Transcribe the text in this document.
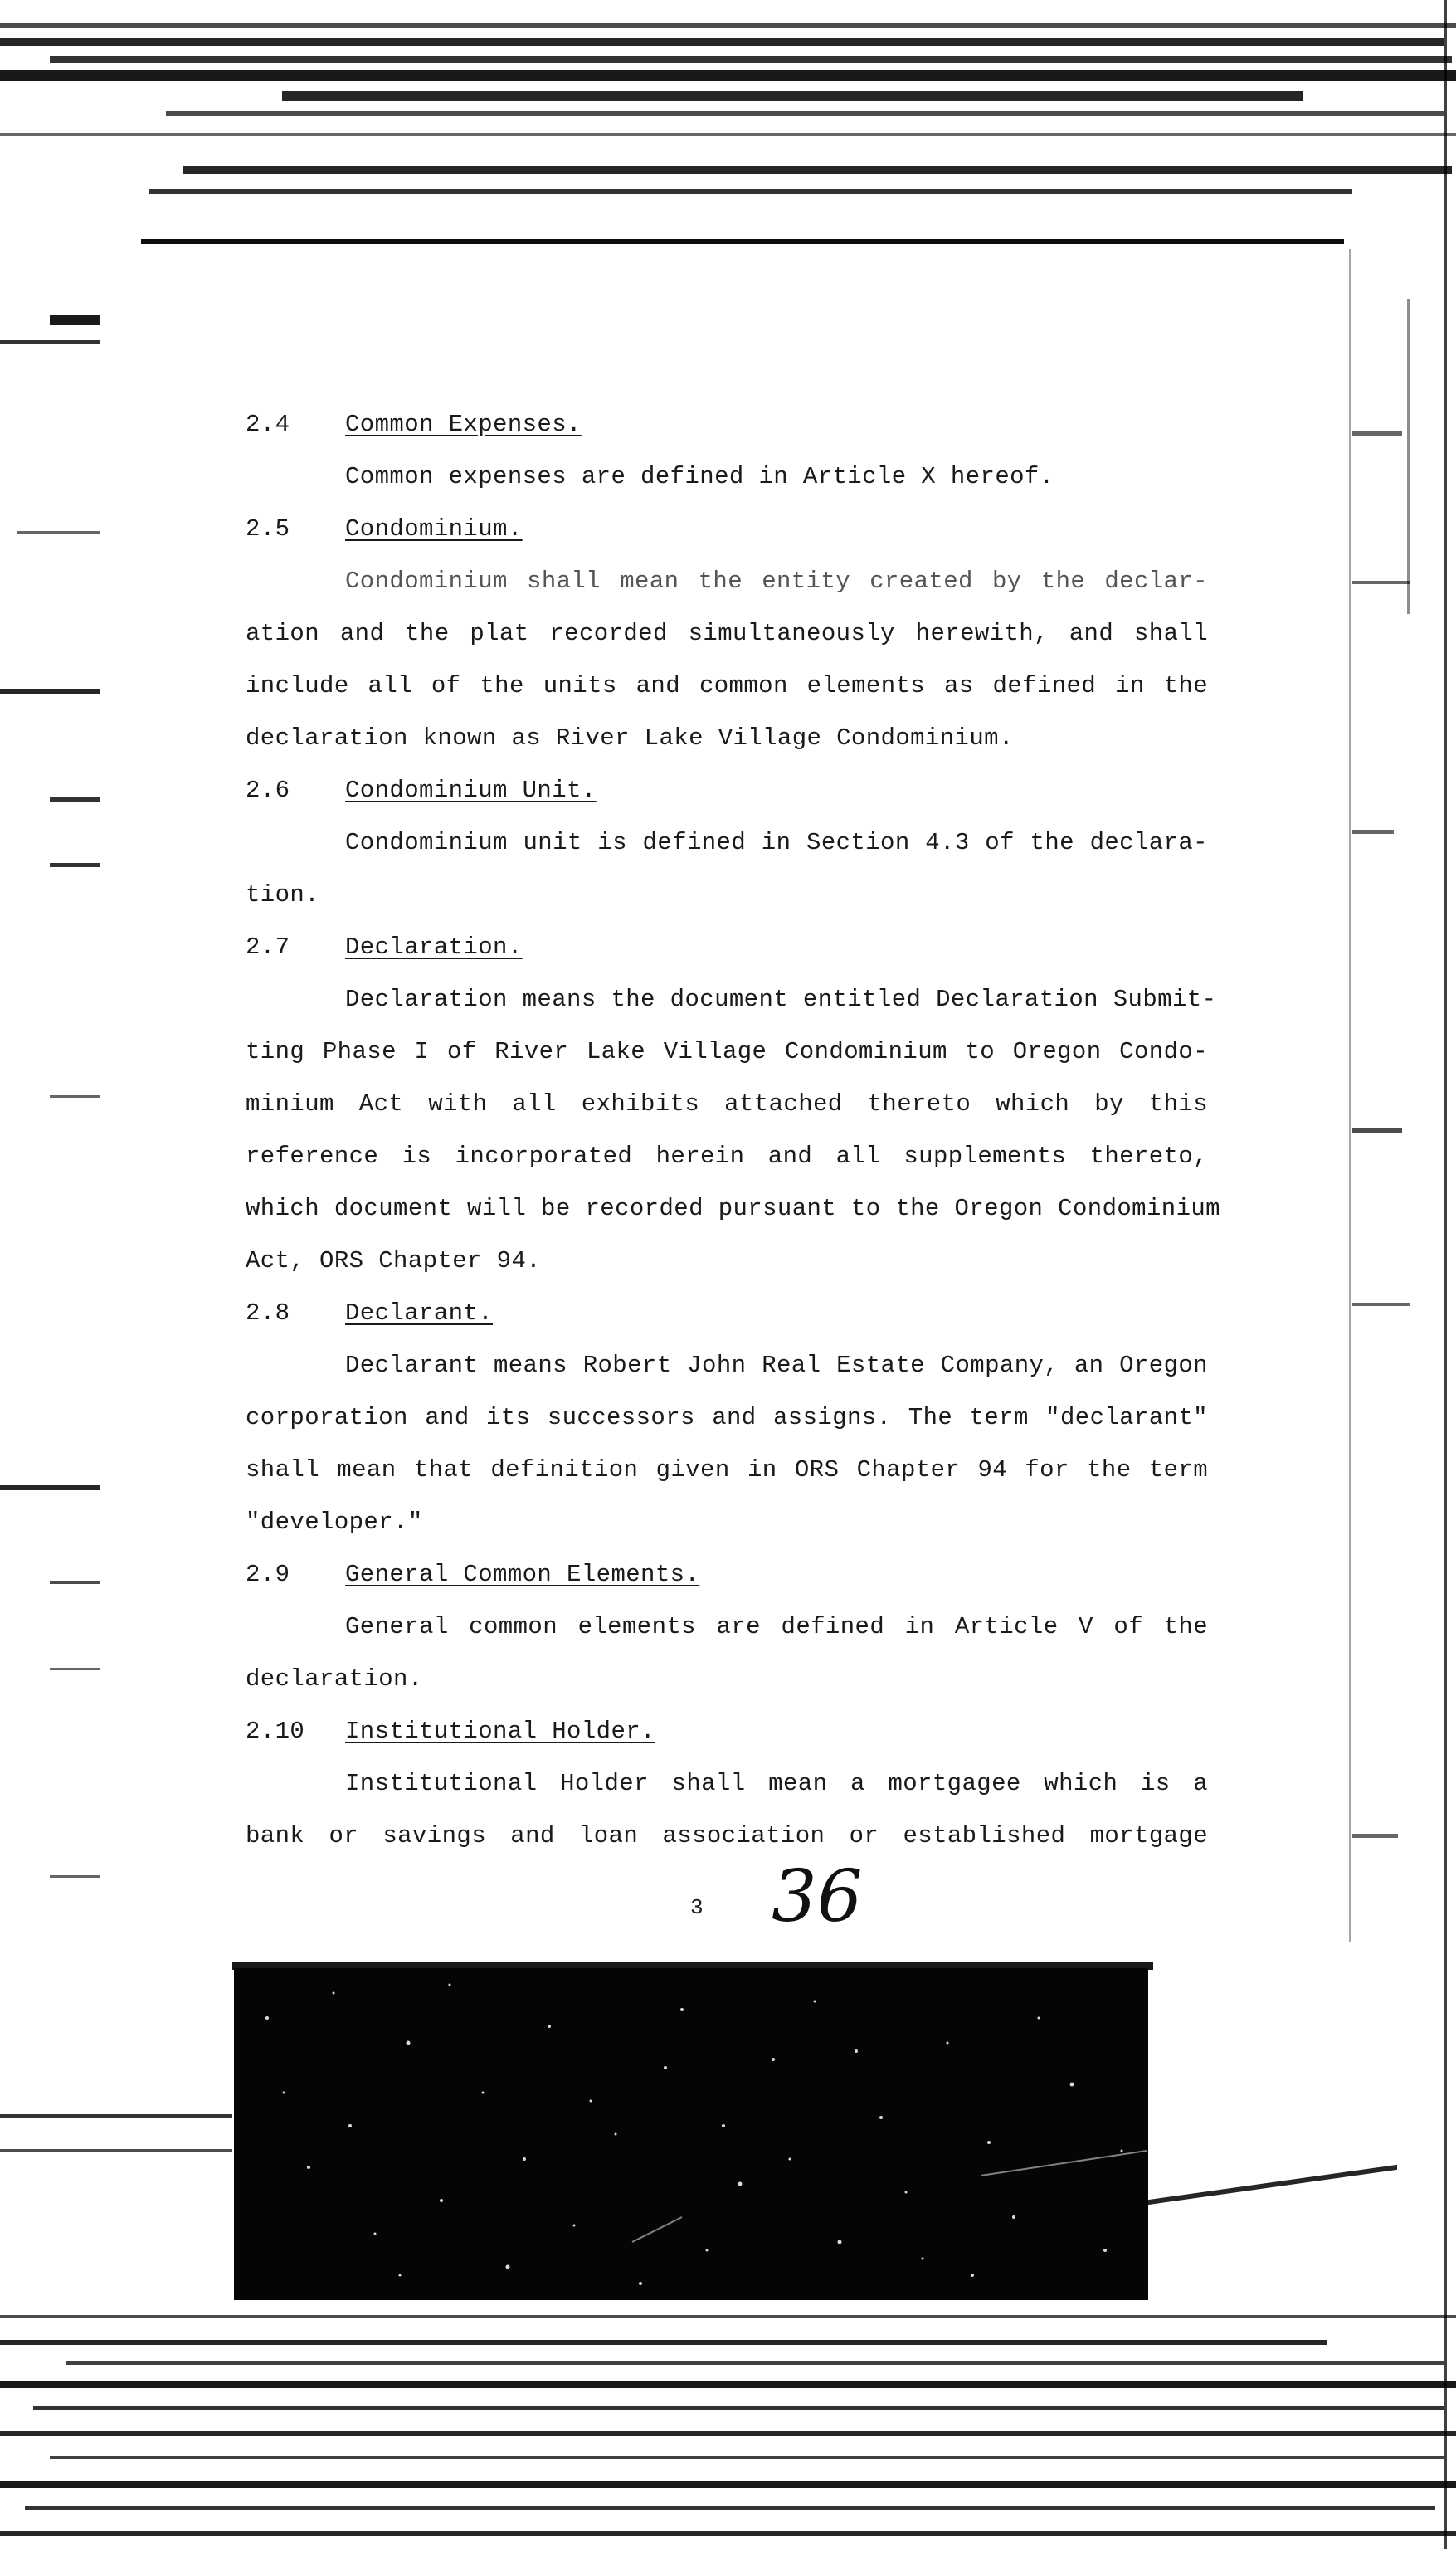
2.4 Common Expenses.
Common expenses are defined in Article X hereof.
2.5 Condominium.
Condominium shall mean the entity created by the declar-
ation and the plat recorded simultaneously herewith, and shall
include all of the units and common elements as defined in the
declaration known as River Lake Village Condominium.
2.6 Condominium Unit.
Condominium unit is defined in Section 4.3 of the declara-
tion.
2.7 Declaration.
Declaration means the document entitled Declaration Submit-
ting Phase I of River Lake Village Condominium to Oregon Condo-
minium Act with all exhibits attached thereto which by this
reference is incorporated herein and all supplements thereto,
which document will be recorded pursuant to the Oregon Condominium
Act, ORS Chapter 94.
2.8 Declarant.
Declarant means Robert John Real Estate Company, an Oregon
corporation and its successors and assigns. The term "declarant"
shall mean that definition given in ORS Chapter 94 for the term
"developer."
2.9 General Common Elements.
General common elements are defined in Article V of the
declaration.
2.10 Institutional Holder.
Institutional Holder shall mean a mortgagee which is a
bank or savings and loan association or established mortgage
3 36
